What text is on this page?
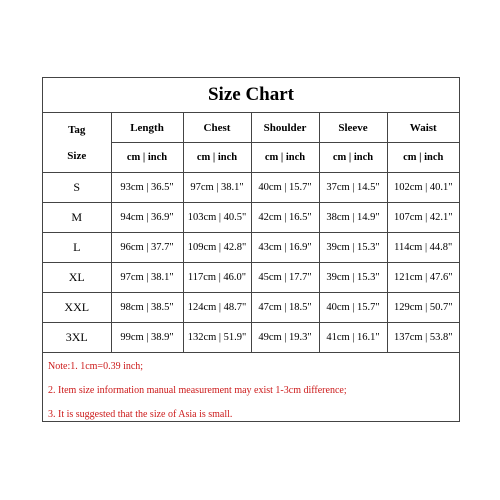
Size Chart
Tag
Size	Length	Chest	Shoulder	Sleeve	Waist
	cm | inch	cm | inch	cm | inch	cm | inch	cm | inch
S	93cm | 36.5"	97cm | 38.1"	40cm | 15.7"	37cm | 14.5"	102cm | 40.1"
M	94cm | 36.9"	103cm | 40.5"	42cm | 16.5"	38cm | 14.9"	107cm | 42.1"
L	96cm | 37.7"	109cm | 42.8"	43cm | 16.9"	39cm | 15.3"	114cm | 44.8"
XL	97cm | 38.1"	117cm | 46.0"	45cm | 17.7"	39cm | 15.3"	121cm | 47.6"
XXL	98cm | 38.5"	124cm | 48.7"	47cm | 18.5"	40cm | 15.7"	129cm | 50.7"
3XL	99cm | 38.9"	132cm | 51.9"	49cm | 19.3"	41cm | 16.1"	137cm | 53.8"
Note:1. 1cm=0.39 inch;
2. Item size information manual measurement may exist 1-3cm difference;
3. It is suggested that the size of Asia is small.
